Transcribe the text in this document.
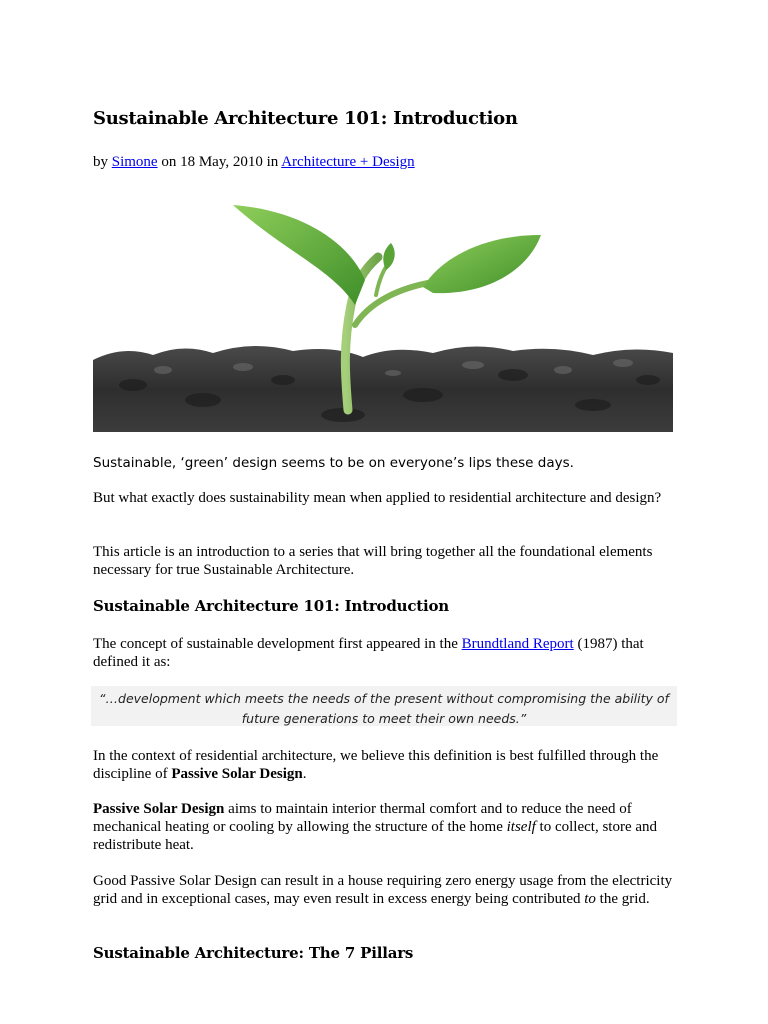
Sustainable Architecture 101: Introduction
by Simone on 18 May, 2010 in Architecture + Design

Sustainable, ‘green’ design seems to be on everyone’s lips these days.

But what exactly does sustainability mean when applied to residential architecture and design?

This article is an introduction to a series that will bring together all the foundational elements necessary for true Sustainable Architecture.

Sustainable Architecture 101: Introduction

The concept of sustainable development first appeared in the Brundtland Report (1987) that defined it as:

“…development which meets the needs of the present without compromising the ability of future generations to meet their own needs.”

In the context of residential architecture, we believe this definition is best fulfilled through the discipline of Passive Solar Design.

Passive Solar Design aims to maintain interior thermal comfort and to reduce the need of mechanical heating or cooling by allowing the structure of the home itself to collect, store and redistribute heat.

Good Passive Solar Design can result in a house requiring zero energy usage from the electricity grid and in exceptional cases, may even result in excess energy being contributed to the grid.

Sustainable Architecture: The 7 Pillars
